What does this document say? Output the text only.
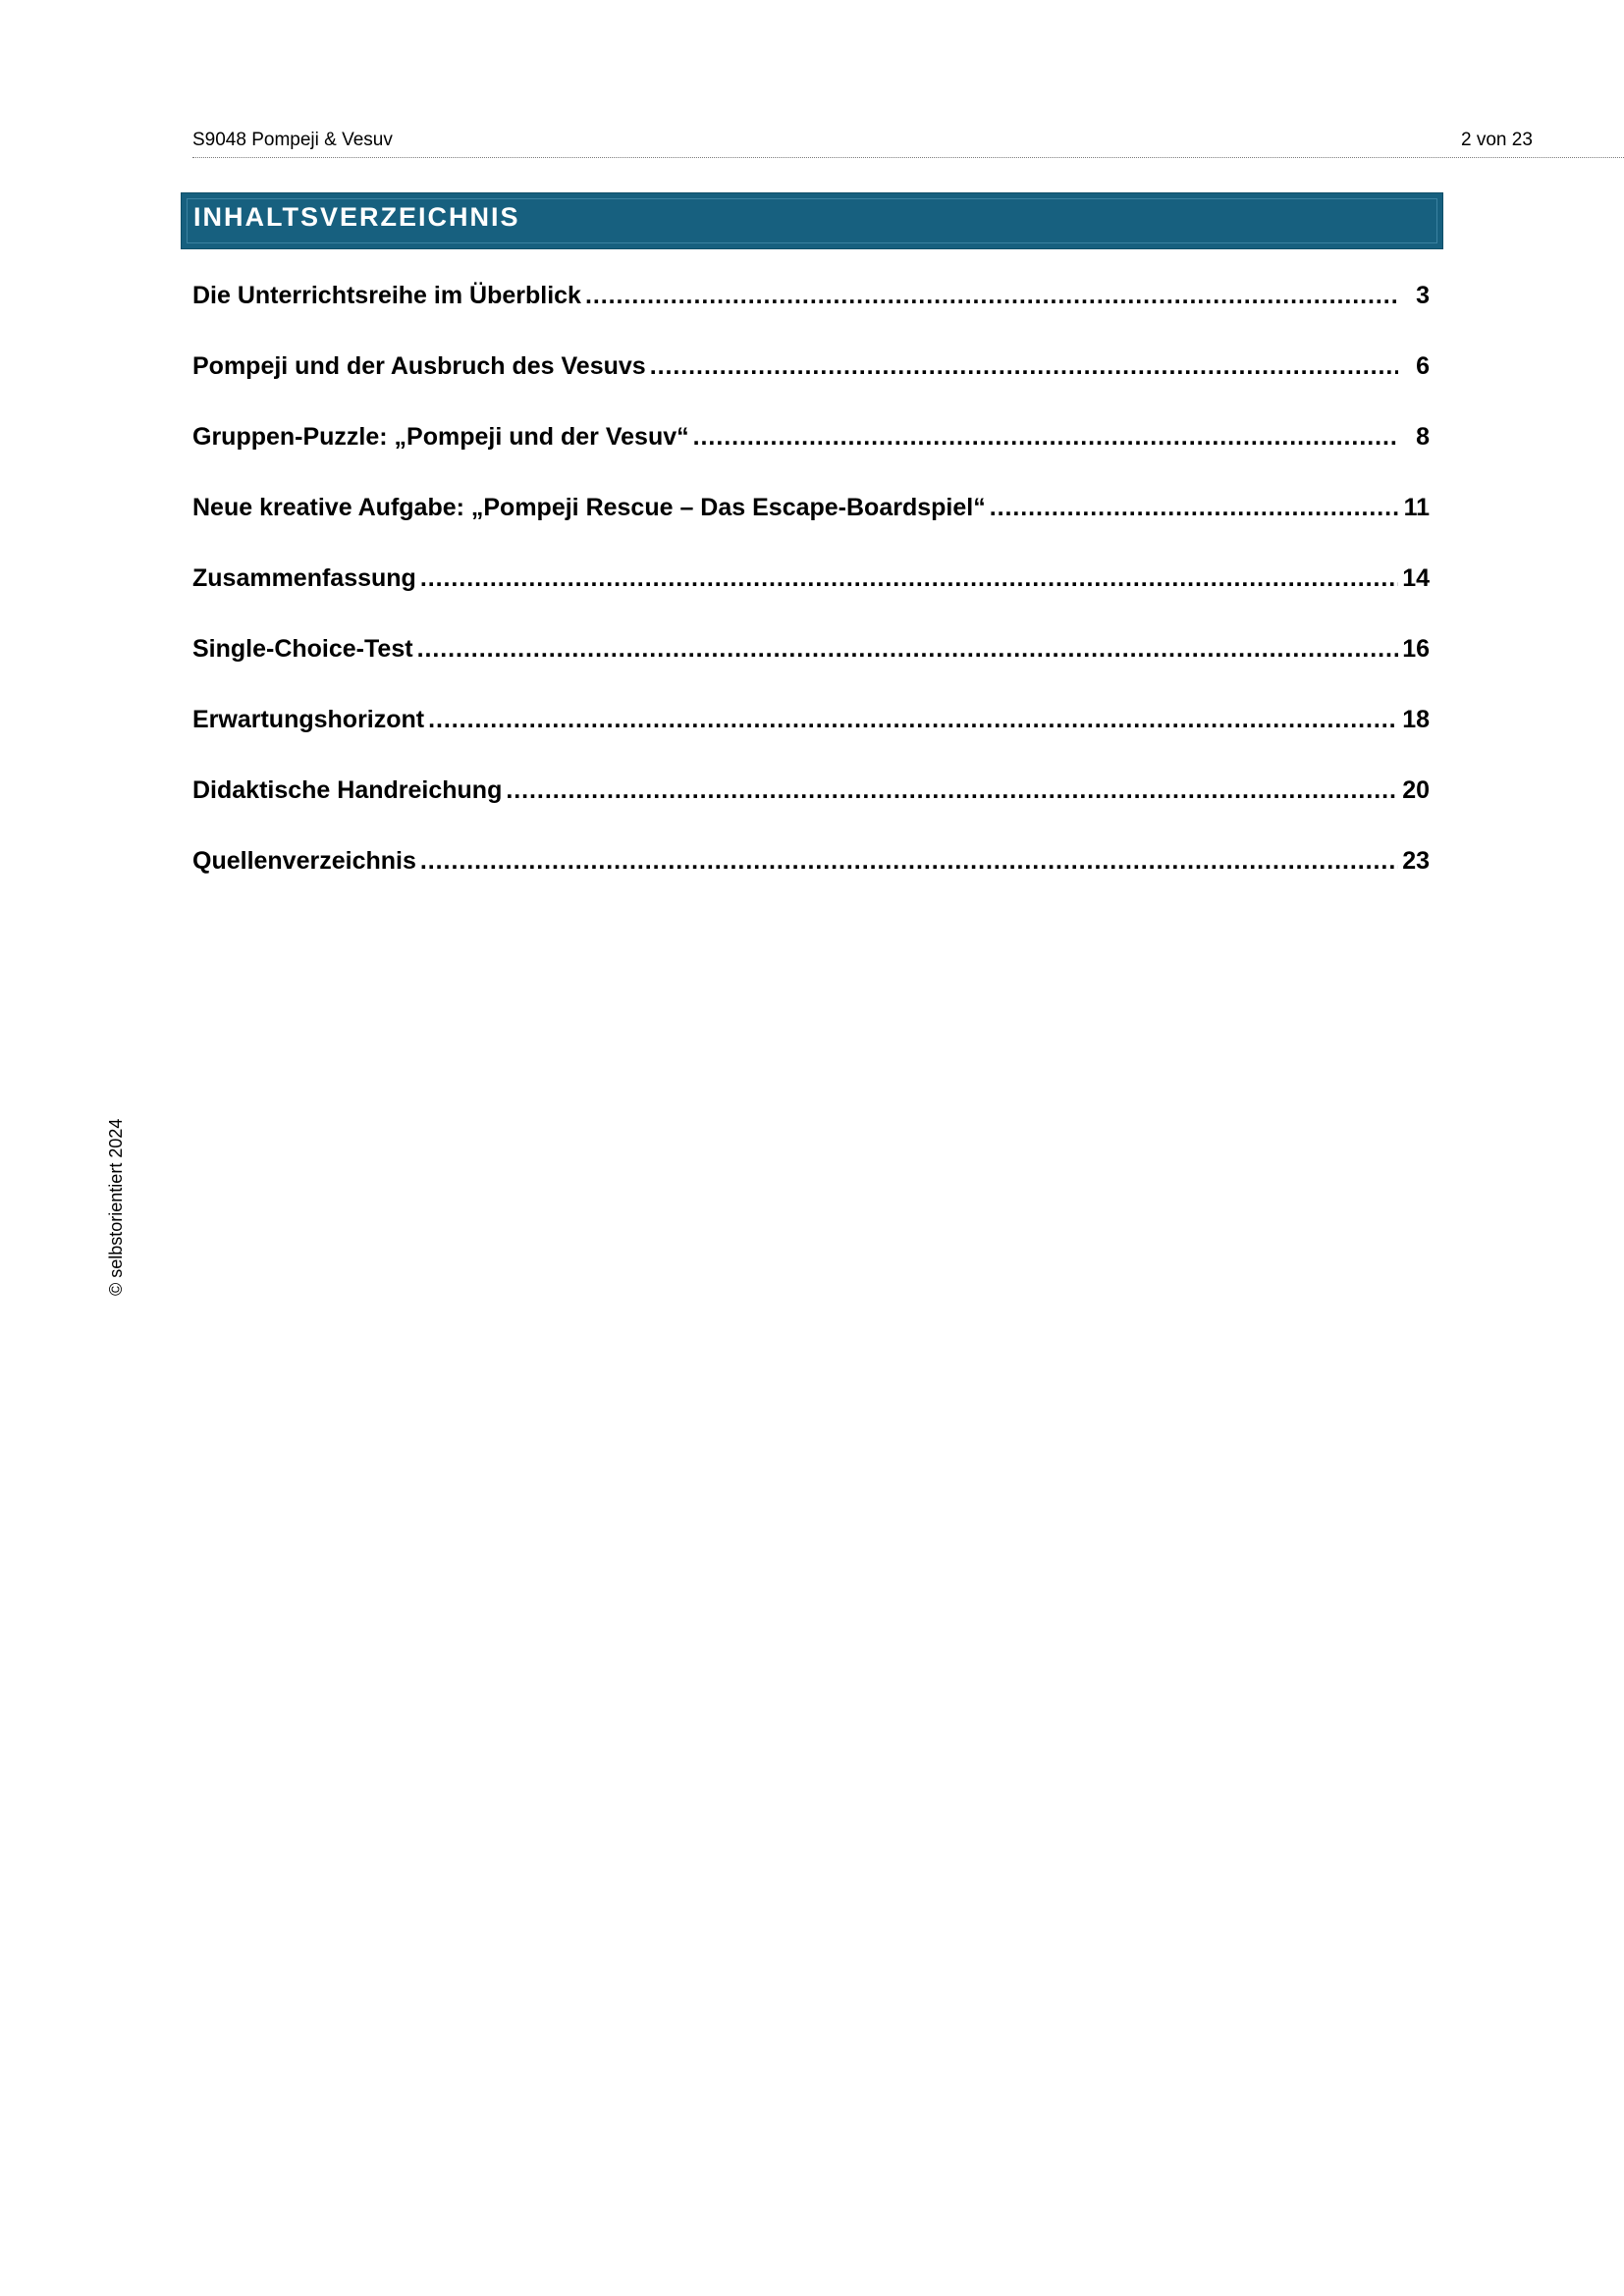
S9048 Pompeji & Vesuv	2 von 23
INHALTSVERZEICHNIS
Die Unterrichtsreihe im Überblick . . .	3
Pompeji und der Ausbruch des Vesuvs . . .	6
Gruppen-Puzzle: „Pompeji und der Vesuv“ . . .	8
Neue kreative Aufgabe: „Pompeji Rescue – Das Escape-Boardspiel“ . . .	11
Zusammenfassung . . .	14
Single-Choice-Test . . .	16
Erwartungshorizont . . .	18
Didaktische Handreichung . . .	20
Quellenverzeichnis . . .	23
© selbstorientiert 2024
